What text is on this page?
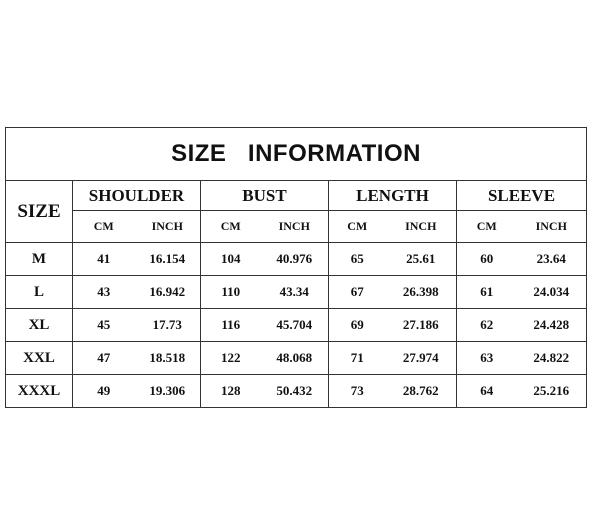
SIZE   INFORMATION								
SIZE	SHOULDER		BUST		LENGTH		SLEEVE	
	CM	INCH	CM	INCH	CM	INCH	CM	INCH
M	41	16.154	104	40.976	65	25.61	60	23.64
L	43	16.942	110	43.34	67	26.398	61	24.034
XL	45	17.73	116	45.704	69	27.186	62	24.428
XXL	47	18.518	122	48.068	71	27.974	63	24.822
XXXL	49	19.306	128	50.432	73	28.762	64	25.216
